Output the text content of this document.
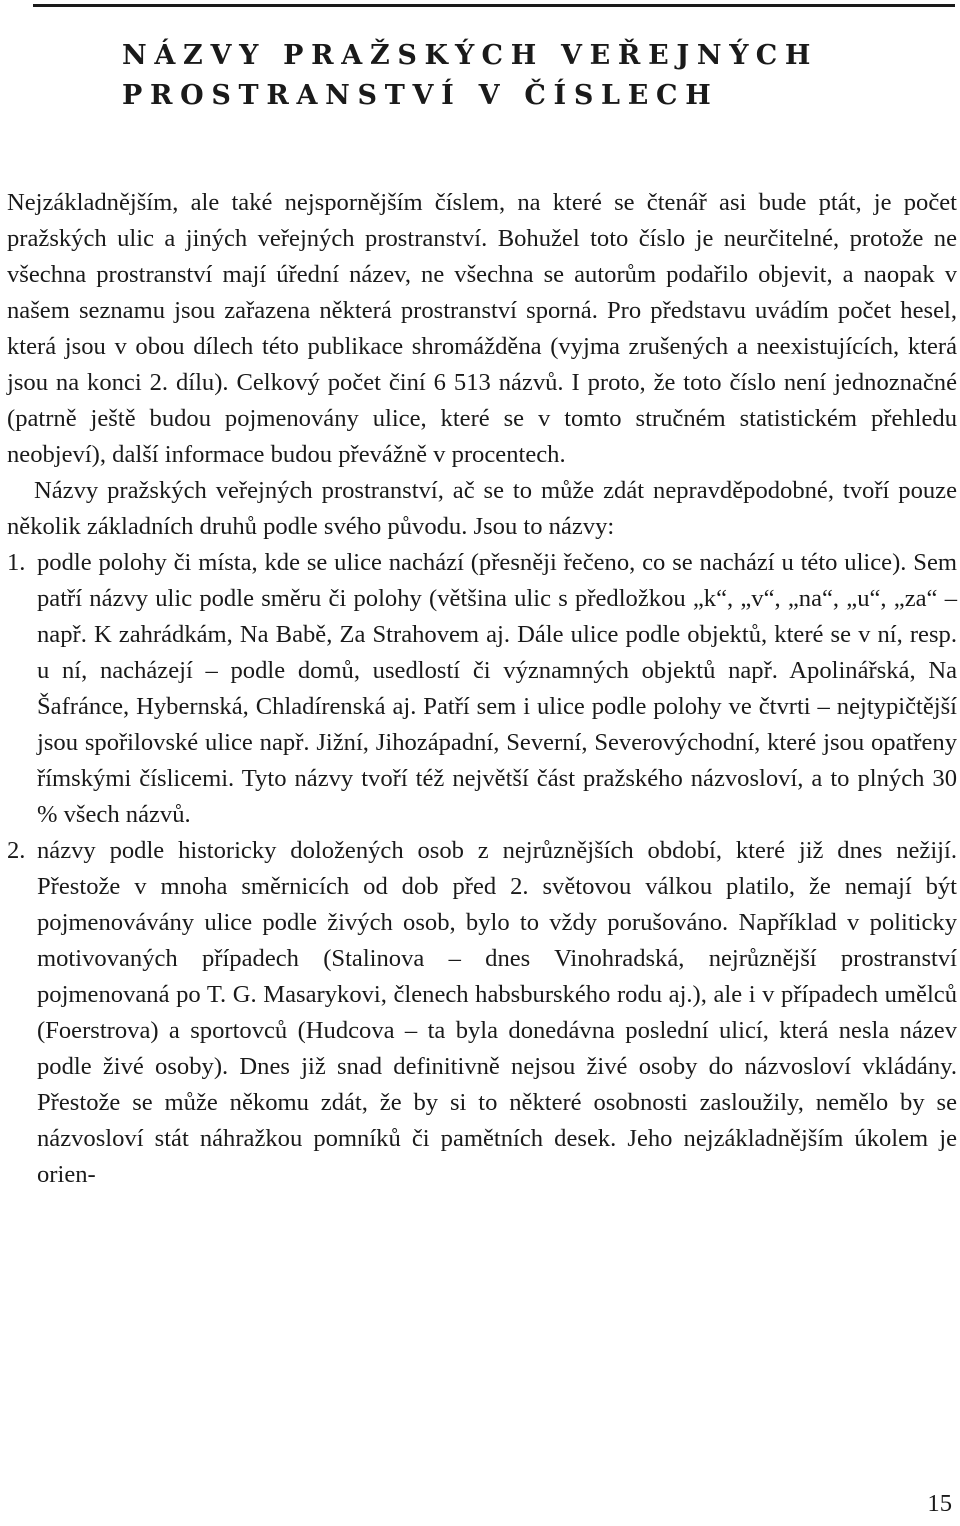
NÁZVY PRAŽSKÝCH VEŘEJNÝCH
PROSTRANSTVÍ V ČÍSLECH

Nejzákladnějším, ale také nejspornějším číslem, na které se čtenář asi bude ptát, je počet pražských ulic a jiných veřejných prostranství. Bohužel toto číslo je neurčitelné, protože ne všechna prostranství mají úřední název, ne všechna se autorům podařilo objevit, a naopak v našem seznamu jsou zařazena některá prostranství sporná. Pro představu uvádím počet hesel, která jsou v obou dílech této publikace shromážděna (vyjma zrušených a neexistujících, která jsou na konci 2. dílu). Celkový počet činí 6 513 názvů. I proto, že toto číslo není jednoznačné (patrně ještě budou pojmenovány ulice, které se v tomto stručném statistickém přehledu neobjeví), další informace budou převážně v procentech.

Názvy pražských veřejných prostranství, ač se to může zdát nepravděpodobné, tvoří pouze několik základních druhů podle svého původu. Jsou to názvy:

1. podle polohy či místa, kde se ulice nachází (přesněji řečeno, co se nachází u této ulice). Sem patří názvy ulic podle směru či polohy (většina ulic s předložkou „k“, „v“, „na“, „u“, „za“ – např. K zahrádkám, Na Babě, Za Strahovem aj. Dále ulice podle objektů, které se v ní, resp. u ní, nacházejí – podle domů, usedlostí či významných objektů např. Apolinářská, Na Šafránce, Hybernská, Chladírenská aj. Patří sem i ulice podle polohy ve čtvrti – nejtypičtější jsou spořilovské ulice např. Jižní, Jihozápadní, Severní, Severovýchodní, které jsou opatřeny římskými číslicemi. Tyto názvy tvoří též největší část pražského názvosloví, a to plných 30 % všech názvů.
2. názvy podle historicky doložených osob z nejrůznějších období, které již dnes nežijí. Přestože v mnoha směrnicích od dob před 2. světovou válkou platilo, že nemají být pojmenovávány ulice podle živých osob, bylo to vždy porušováno. Například v politicky motivovaných případech (Stalinova – dnes Vinohradská, nejrůznější prostranství pojmenovaná po T. G. Masarykovi, členech habsburského rodu aj.), ale i v případech umělců (Foerstrova) a sportovců (Hudcova – ta byla donedávna poslední ulicí, která nesla název podle živé osoby). Dnes již snad definitivně nejsou živé osoby do názvosloví vkládány. Přestože se může někomu zdát, že by si to některé osobnosti zasloužily, nemělo by se názvosloví stát náhražkou pomníků či pamětních desek. Jeho nejzákladnějším úkolem je orien-
15
